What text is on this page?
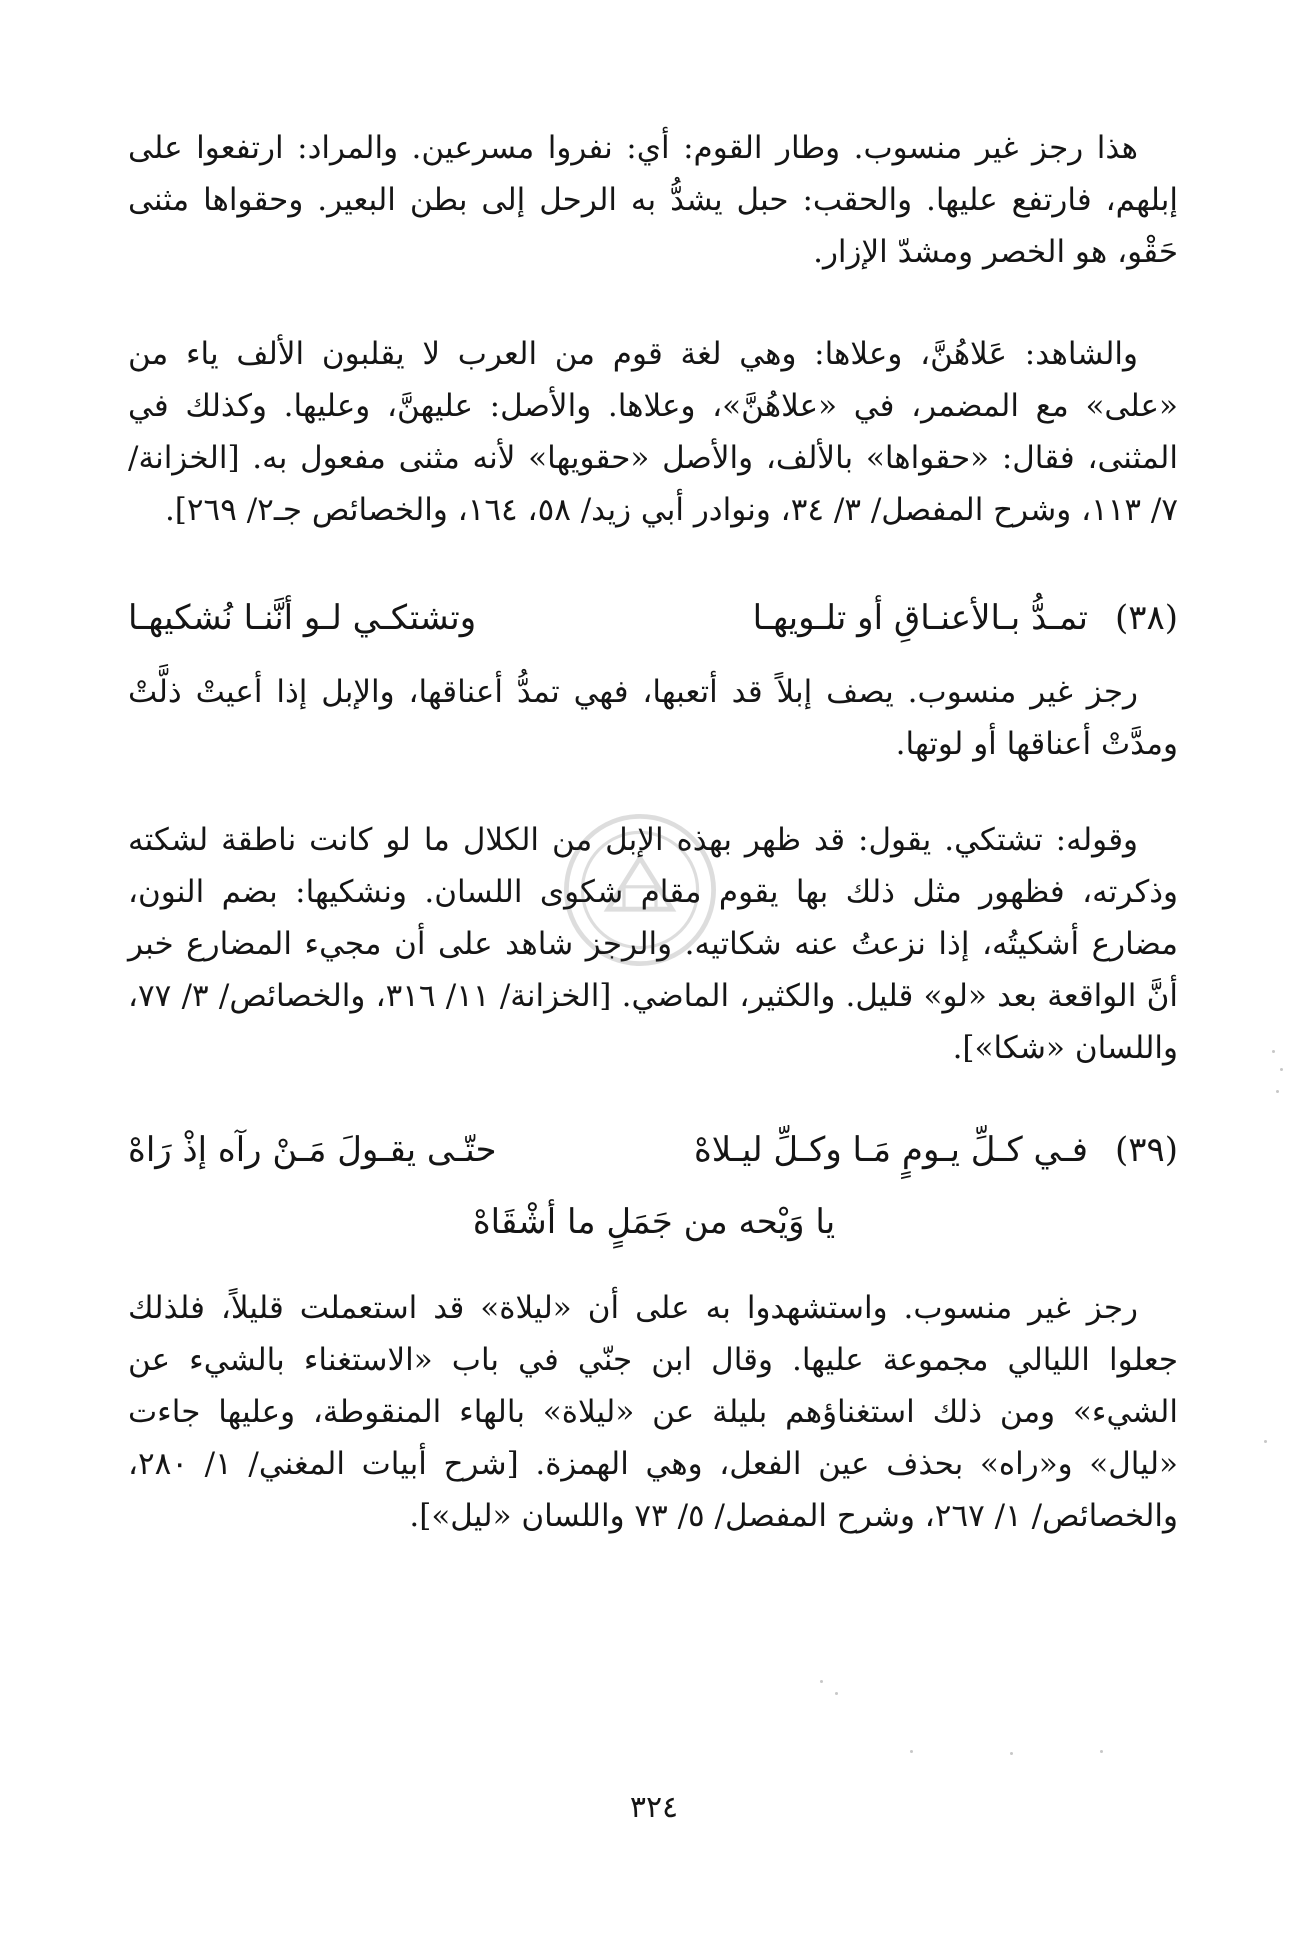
هذا رجز غير منسوب. وطار القوم: أي: نفروا مسرعين. والمراد: ارتفعوا على إبلهم، فارتفع عليها. والحقب: حبل يشدُّ به الرحل إلى بطن البعير. وحقواها مثنى حَقْو، هو الخصر ومشدّ الإزار.

والشاهد: عَلاهُنَّ، وعلاها: وهي لغة قوم من العرب لا يقلبون الألف ياء من «على» مع المضمر، في «علاهُنَّ»، وعلاها. والأصل: عليهنَّ، وعليها. وكذلك في المثنى، فقال: «حقواها» بالألف، والأصل «حقويها» لأنه مثنى مفعول به. [الخزانة/ ٧/ ١١٣، وشرح المفصل/ ٣/ ٣٤، ونوادر أبي زيد/ ٥٨، ١٦٤، والخصائص جـ٢/ ٢٦٩].

(٣٨)
تمـدُّ بـالأعنـاقِ أو تلـويهـا
وتشتكـي لـو أنَّنـا نُشكيهـا

رجز غير منسوب. يصف إبلاً قد أتعبها، فهي تمدُّ أعناقها، والإبل إذا أعيتْ ذلَّتْ ومدَّتْ أعناقها أو لوتها.

وقوله: تشتكي. يقول: قد ظهر بهذه الإبل من الكلال ما لو كانت ناطقة لشكته وذكرته، فظهور مثل ذلك بها يقوم مقام شكوى اللسان. ونشكيها: بضم النون، مضارع أشكيتُه، إذا نزعتُ عنه شكاتيه. والرجز شاهد على أن مجيء المضارع خبر أنَّ الواقعة بعد «لو» قليل. والكثير، الماضي. [الخزانة/ ١١/ ٣١٦، والخصائص/ ٣/ ٧٧، واللسان «شكا»].

(٣٩)
فـي كـلِّ يـومٍ مَـا وكـلِّ ليـلاهْ
حتّـى يقـولَ مَـنْ رآه إذْ رَاهْ
يا وَيْحه من جَمَلٍ ما أشْقَاهْ

رجز غير منسوب. واستشهدوا به على أن «ليلاة» قد استعملت قليلاً، فلذلك جعلوا الليالي مجموعة عليها. وقال ابن جنّي في باب «الاستغناء بالشيء عن الشيء» ومن ذلك استغناؤهم بليلة عن «ليلاة» بالهاء المنقوطة، وعليها جاءت «ليال» و«راه» بحذف عين الفعل، وهي الهمزة. [شرح أبيات المغني/ ١/ ٢٨٠، والخصائص/ ١/ ٢٦٧، وشرح المفصل/ ٥/ ٧٣ واللسان «ليل»].

٣٢٤
